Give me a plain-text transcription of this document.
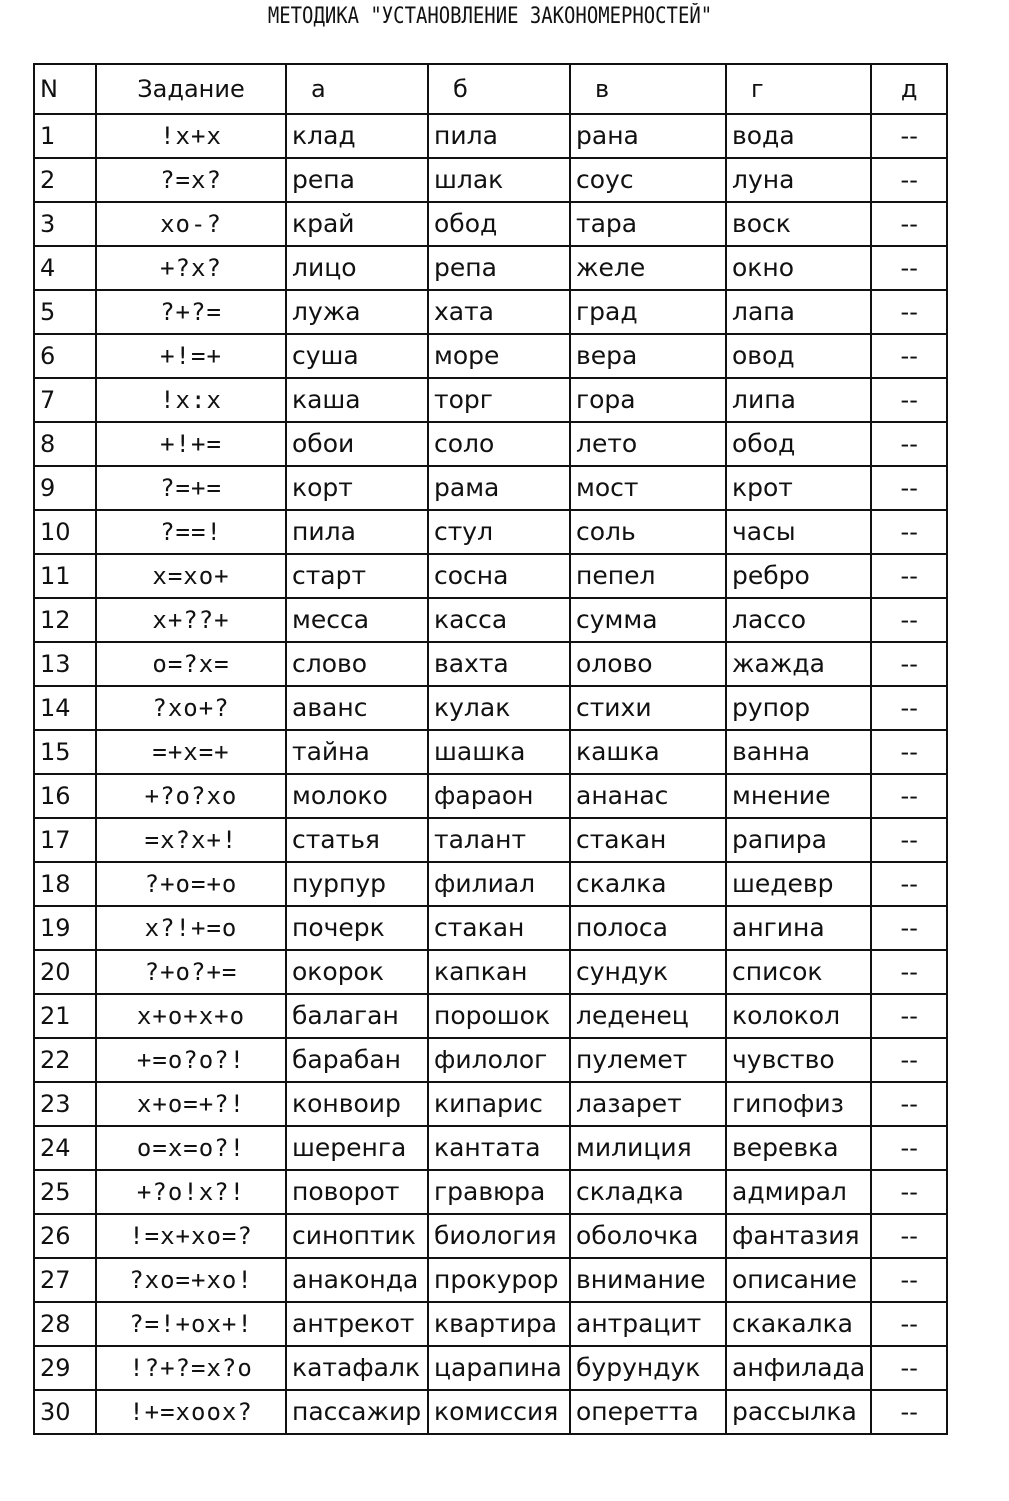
МЕТОДИКА "УСТАНОВЛЕНИЕ ЗАКОНОМЕРНОСТЕЙ"
N	Задание	а	б	в	г	д
1	!х+х	клад	пила	рана	вода	--
2	?=х?	репа	шлак	соус	луна	--
3	хо-?	край	обод	тара	воск	--
4	+?х?	лицо	репа	желе	окно	--
5	?+?=	лужа	хата	град	лапа	--
6	+!=+	суша	море	вера	овод	--
7	!х:х	каша	торг	гора	липа	--
8	+!+=	обои	соло	лето	обод	--
9	?=+=	корт	рама	мост	крот	--
10	?==!	пила	стул	соль	часы	--
11	х=хо+	старт	сосна	пепел	ребро	--
12	х+??+	месса	касса	сумма	лассо	--
13	о=?х=	слово	вахта	олово	жажда	--
14	?хо+?	аванс	кулак	стихи	рупор	--
15	=+х=+	тайна	шашка	кашка	ванна	--
16	+?о?хо	молоко	фараон	ананас	мнение	--
17	=х?х+!	статья	талант	стакан	рапира	--
18	?+о=+о	пурпур	филиал	скалка	шедевр	--
19	х?!+=о	почерк	стакан	полоса	ангина	--
20	?+о?+=	окорок	капкан	сундук	список	--
21	х+о+х+о	балаган	порошок	леденец	колокол	--
22	+=о?о?!	барабан	филолог	пулемет	чувство	--
23	х+о=+?!	конвоир	кипарис	лазарет	гипофиз	--
24	о=х=о?!	шеренга	кантата	милиция	веревка	--
25	+?о!х?!	поворот	гравюра	складка	адмирал	--
26	!=х+хо=?	синоптик	биология	оболочка	фантазия	--
27	?хо=+хо!	анаконда	прокурор	внимание	описание	--
28	?=!+ох+!	антрекот	квартира	антрацит	скакалка	--
29	!?+?=х?о	катафалк	царапина	бурундук	анфилада	--
30	!+=хоох?	пассажир	комиссия	оперетта	рассылка	--
